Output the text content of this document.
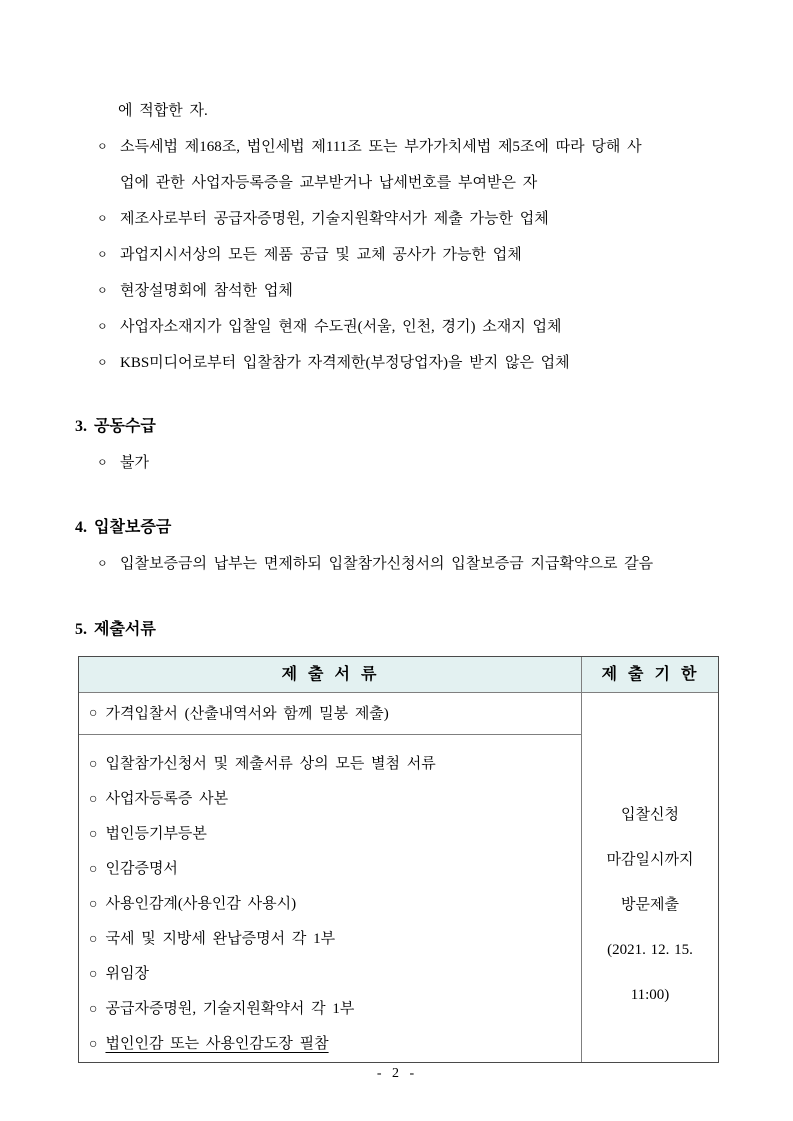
에 적합한 자.
ㅇ 소득세법 제168조, 법인세법 제111조 또는 부가가치세법 제5조에 따라 당해 사
업에 관한 사업자등록증을 교부받거나 납세번호를 부여받은 자
ㅇ 제조사로부터 공급자증명원, 기술지원확약서가 제출 가능한 업체
ㅇ 과업지시서상의 모든 제품 공급 및 교체 공사가 가능한 업체
ㅇ 현장설명회에 참석한 업체
ㅇ 사업자소재지가 입찰일 현재 수도권(서울, 인천, 경기) 소재지 업체
ㅇ KBS미디어로부터 입찰참가 자격제한(부정당업자)을 받지 않은 업체
3. 공동수급
ㅇ 불가
4. 입찰보증금
ㅇ 입찰보증금의 납부는 면제하되 입찰참가신청서의 입찰보증금 지급확약으로 갈음
5. 제출서류
제 출 서 류	제 출 기 한
○ 가격입찰서 (산출내역서와 함께 밀봉 제출)
○ 입찰참가신청서 및 제출서류 상의 모든 별첨 서류
○ 사업자등록증 사본
○ 법인등기부등본
○ 인감증명서
○ 사용인감계(사용인감 사용시)
○ 국세 및 지방세 완납증명서 각 1부
○ 위임장
○ 공급자증명원, 기술지원확약서 각 1부
○ 법인인감 또는 사용인감도장 필참
입찰신청
마감일시까지
방문제출
(2021. 12. 15.
11:00)
- 2 -
